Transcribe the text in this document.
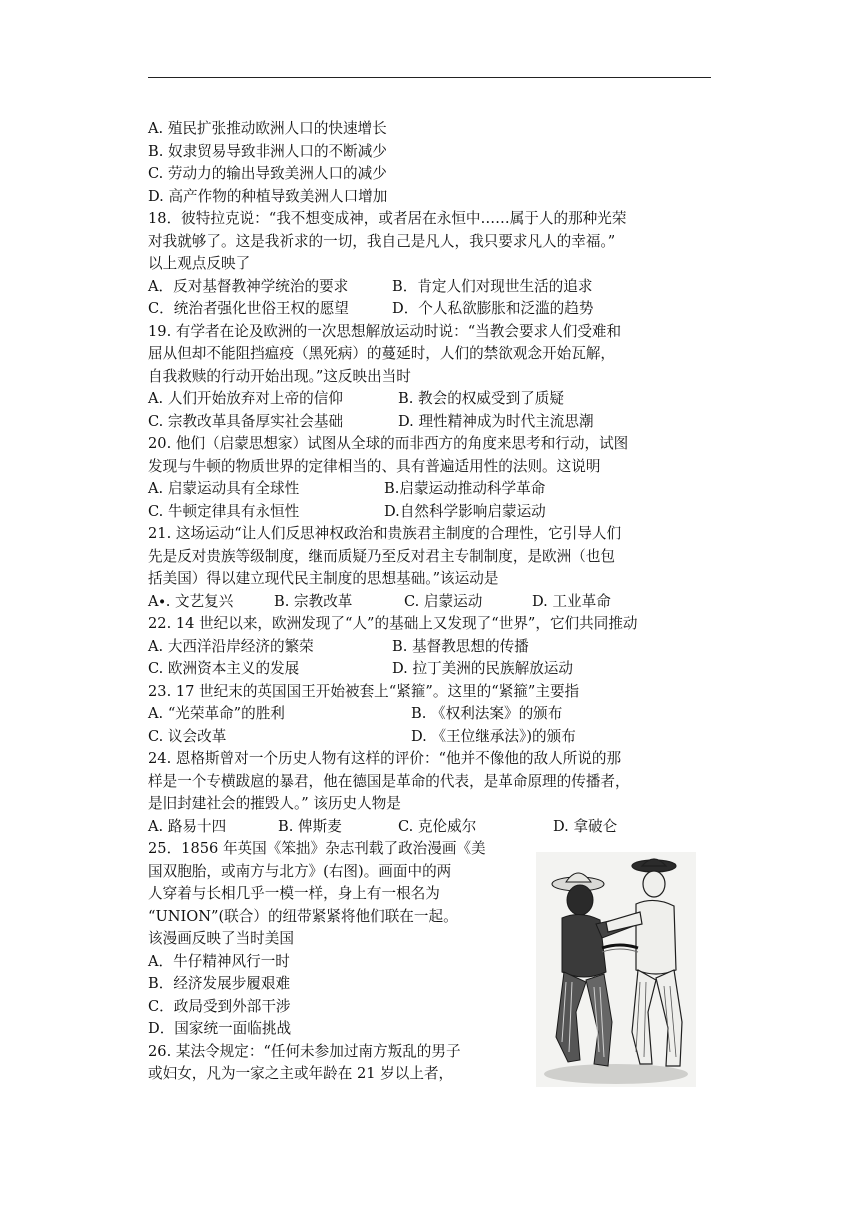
A. 殖民扩张推动欧洲人口的快速增长
B. 奴隶贸易导致非洲人口的不断减少
C. 劳动力的输出导致美洲人口的减少
D. 高产作物的种植导致美洲人口增加
18．彼特拉克说：“我不想变成神，或者居在永恒中……属于人的那种光荣
对我就够了。这是我祈求的一切，我自己是凡人，我只要求凡人的幸福。”
以上观点反映了
A．反对基督教神学统治的要求	B．肯定人们对现世生活的追求
C．统治者强化世俗王权的愿望	D．个人私欲膨胀和泛滥的趋势
19. 有学者在论及欧洲的一次思想解放运动时说：“当教会要求人们受难和
屈从但却不能阻挡瘟疫（黑死病）的蔓延时，人们的禁欲观念开始瓦解，
自我救赎的行动开始出现。”这反映出当时
A. 人们开始放弃对上帝的信仰	B. 教会的权威受到了质疑
C. 宗教改革具备厚实社会基础	D. 理性精神成为时代主流思潮
20. 他们（启蒙思想家）试图从全球的而非西方的角度来思考和行动，试图
发现与牛顿的物质世界的定律相当的、具有普遍适用性的法则。这说明
A. 启蒙运动具有全球性	B.启蒙运动推动科学革命
C. 牛顿定律具有永恒性	D.自然科学影响启蒙运动
21. 这场运动“让人们反思神权政治和贵族君主制度的合理性，它引导人们
先是反对贵族等级制度，继而质疑乃至反对君主专制制度，是欧洲（也包
括美国）得以建立现代民主制度的思想基础。”该运动是
A∙. 文艺复兴	B. 宗教改革	C. 启蒙运动	D. 工业革命
22. 14 世纪以来，欧洲发现了“人”的基础上又发现了“世界”，它们共同推动
A. 大西洋沿岸经济的繁荣	B. 基督教思想的传播
C. 欧洲资本主义的发展	D. 拉丁美洲的民族解放运动
23. 17 世纪末的英国国王开始被套上“紧箍”。这里的“紧箍”主要指
A. “光荣革命”的胜利	B. 《权利法案》的颁布
C. 议会改革	D. 《王位继承法》)的颁布
24. 恩格斯曾对一个历史人物有这样的评价：“他并不像他的敌人所说的那
样是一个专横跋扈的暴君，他在德国是革命的代表，是革命原理的传播者，
是旧封建社会的摧毁人。” 该历史人物是
A. 路易十四	B. 俾斯麦	C. 克伦威尔	D. 拿破仑
25．1856 年英国《笨拙》杂志刊载了政治漫画《美
国双胞胎，或南方与北方》(右图)。画面中的两
人穿着与长相几乎一模一样，身上有一根名为
“UNION”(联合）的纽带紧紧将他们联在一起。
该漫画反映了当时美国
A．牛仔精神风行一时
B．经济发展步履艰难
C．政局受到外部干涉
D．国家统一面临挑战
26. 某法令规定：“任何未参加过南方叛乱的男子
或妇女，凡为一家之主或年龄在 21 岁以上者，
